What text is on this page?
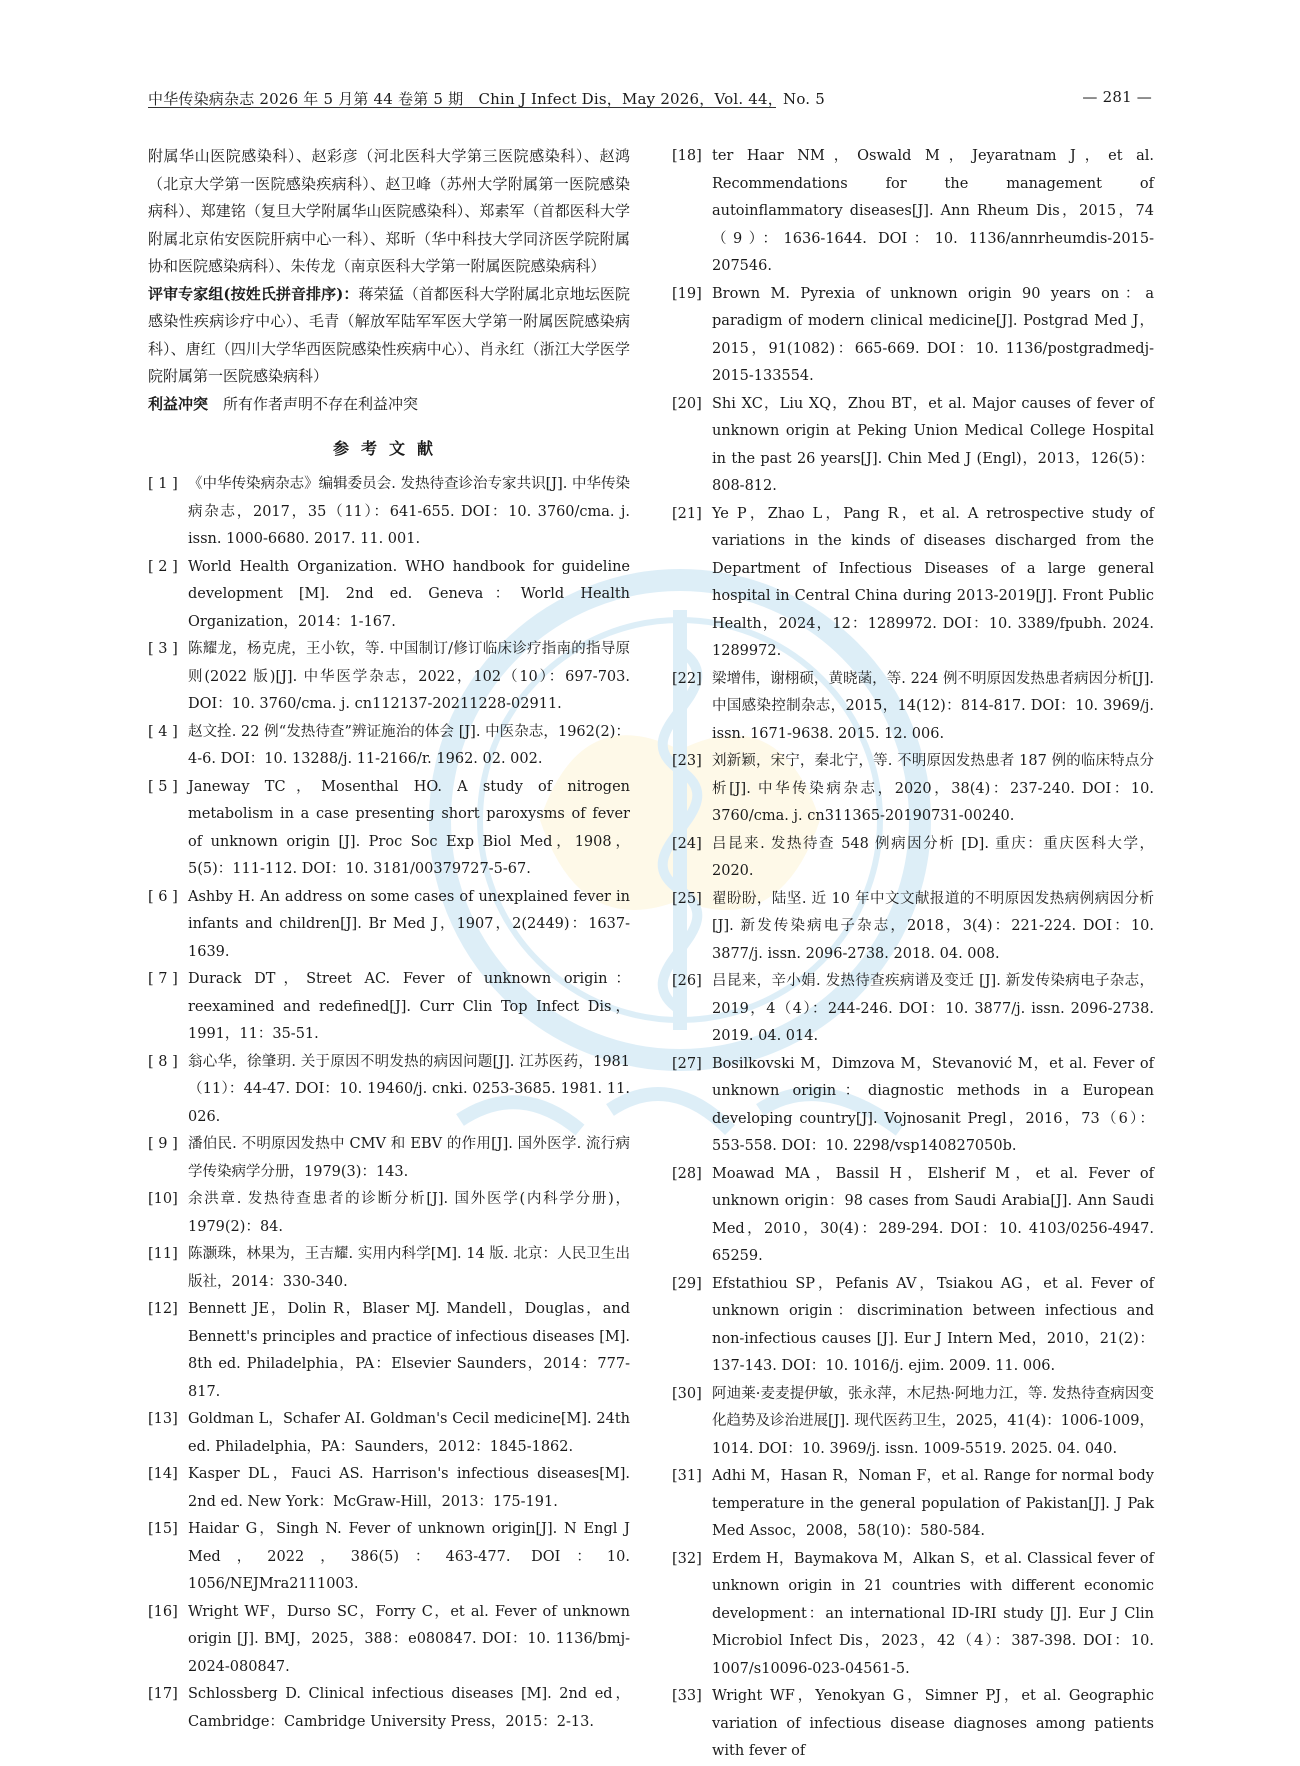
中华传染病杂志 2026 年 5 月第 44 卷第 5 期　Chin J Infect Dis，May 2026，Vol. 44，No. 5	— 281 —

附属华山医院感染科）、赵彩彦（河北医科大学第三医院感染科）、赵鸿（北京大学第一医院感染疾病科）、赵卫峰（苏州大学附属第一医院感染病科）、郑建铭（复旦大学附属华山医院感染科）、郑素军（首都医科大学附属北京佑安医院肝病中心一科）、郑昕（华中科技大学同济医学院附属协和医院感染病科）、朱传龙（南京医科大学第一附属医院感染病科）

评审专家组(按姓氏拼音排序)：蒋荣猛（首都医科大学附属北京地坛医院感染性疾病诊疗中心）、毛青（解放军陆军军医大学第一附属医院感染病科）、唐红（四川大学华西医院感染性疾病中心）、肖永红（浙江大学医学院附属第一医院感染病科）

利益冲突　 所有作者声明不存在利益冲突

参考文献
[ 1 ] 《中华传染病杂志》编辑委员会. 发热待查诊治专家共识[J]. 中华传染病杂志，2017，35（11）：641-655. DOI：10. 3760/cma. j. issn. 1000-6680. 2017. 11. 001.
[ 2 ] World Health Organization. WHO handbook for guideline development [M]. 2nd ed. Geneva：World Health Organization，2014：1-167.
[ 3 ] 陈耀龙，杨克虎，王小钦，等. 中国制订/修订临床诊疗指南的指导原则(2022 版)[J]. 中华医学杂志，2022，102（10）：697-703. DOI：10. 3760/cma. j. cn112137-20211228-02911.
[ 4 ] 赵文拴. 22 例“发热待查”辨证施治的体会 [J]. 中医杂志，1962(2)：4-6. DOI：10. 13288/j. 11-2166/r. 1962. 02. 002.
[ 5 ] Janeway TC，Mosenthal HO. A study of nitrogen metabolism in a case presenting short paroxysms of fever of unknown origin [J]. Proc Soc Exp Biol Med，1908，5(5)：111-112. DOI：10. 3181/00379727-5-67.
[ 6 ] Ashby H. An address on some cases of unexplained fever in infants and children[J]. Br Med J，1907，2(2449)：1637-1639.
[ 7 ] Durack DT，Street AC. Fever of unknown origin：reexamined and redefined[J]. Curr Clin Top Infect Dis，1991，11：35-51.
[ 8 ] 翁心华，徐肇玥. 关于原因不明发热的病因问题[J]. 江苏医药，1981（11）：44-47. DOI：10. 19460/j. cnki. 0253-3685. 1981. 11. 026.
[ 9 ] 潘伯民. 不明原因发热中 CMV 和 EBV 的作用[J]. 国外医学. 流行病学传染病学分册，1979(3)：143.
[10] 余洪章. 发热待查患者的诊断分析[J]. 国外医学(内科学分册)，1979(2)：84.
[11] 陈灏珠，林果为，王吉耀. 实用内科学[M]. 14 版. 北京：人民卫生出版社，2014：330-340.
[12] Bennett JE，Dolin R，Blaser MJ. Mandell，Douglas，and Bennett's principles and practice of infectious diseases [M]. 8th ed. Philadelphia，PA：Elsevier Saunders，2014：777-817.
[13] Goldman L，Schafer AI. Goldman's Cecil medicine[M]. 24th ed. Philadelphia，PA：Saunders，2012：1845-1862.
[14] Kasper DL，Fauci AS. Harrison's infectious diseases[M]. 2nd ed. New York：McGraw-Hill，2013：175-191.
[15] Haidar G，Singh N. Fever of unknown origin[J]. N Engl J Med，2022，386(5)：463-477. DOI：10. 1056/NEJMra2111003.
[16] Wright WF，Durso SC，Forry C，et al. Fever of unknown origin [J]. BMJ，2025，388：e080847. DOI：10. 1136/bmj-2024-080847.
[17] Schlossberg D. Clinical infectious diseases [M]. 2nd ed，Cambridge：Cambridge University Press，2015：2-13.
[18] ter Haar NM，Oswald M，Jeyaratnam J，et al. Recommendations for the management of autoinflammatory diseases[J]. Ann Rheum Dis，2015，74（9）：1636-1644. DOI：10. 1136/annrheumdis-2015-207546.
[19] Brown M. Pyrexia of unknown origin 90 years on：a paradigm of modern clinical medicine[J]. Postgrad Med J，2015，91(1082)：665-669. DOI：10. 1136/postgradmedj-2015-133554.
[20] Shi XC，Liu XQ，Zhou BT，et al. Major causes of fever of unknown origin at Peking Union Medical College Hospital in the past 26 years[J]. Chin Med J (Engl)，2013，126(5)：808-812.
[21] Ye P，Zhao L，Pang R，et al. A retrospective study of variations in the kinds of diseases discharged from the Department of Infectious Diseases of a large general hospital in Central China during 2013-2019[J]. Front Public Health，2024，12：1289972. DOI：10. 3389/fpubh. 2024. 1289972.
[22] 梁增伟，谢栩硕，黄晓菡，等. 224 例不明原因发热患者病因分析[J]. 中国感染控制杂志，2015，14(12)：814-817. DOI：10. 3969/j. issn. 1671-9638. 2015. 12. 006.
[23] 刘新颖，宋宁，秦北宁，等. 不明原因发热患者 187 例的临床特点分析[J]. 中华传染病杂志，2020，38(4)：237-240. DOI：10. 3760/cma. j. cn311365-20190731-00240.
[24] 吕昆来. 发热待查 548 例病因分析 [D]. 重庆：重庆医科大学，2020.
[25] 翟盼盼，陆坚. 近 10 年中文文献报道的不明原因发热病例病因分析 [J]. 新发传染病电子杂志，2018，3(4)：221-224. DOI：10. 3877/j. issn. 2096-2738. 2018. 04. 008.
[26] 吕昆来，辛小娟. 发热待查疾病谱及变迁 [J]. 新发传染病电子杂志，2019，4（4）：244-246. DOI：10. 3877/j. issn. 2096-2738. 2019. 04. 014.
[27] Bosilkovski M，Dimzova M，Stevanović M，et al. Fever of unknown origin：diagnostic methods in a European developing country[J]. Vojnosanit Pregl，2016，73（6）：553-558. DOI：10. 2298/vsp140827050b.
[28] Moawad MA，Bassil H，Elsherif M，et al. Fever of unknown origin：98 cases from Saudi Arabia[J]. Ann Saudi Med，2010，30(4)：289-294. DOI：10. 4103/0256-4947. 65259.
[29] Efstathiou SP，Pefanis AV，Tsiakou AG，et al. Fever of unknown origin：discrimination between infectious and non-infectious causes [J]. Eur J Intern Med，2010，21(2)：137-143. DOI：10. 1016/j. ejim. 2009. 11. 006.
[30] 阿迪莱·麦麦提伊敏，张永萍，木尼热·阿地力江，等. 发热待查病因变化趋势及诊治进展[J]. 现代医药卫生，2025，41(4)：1006-1009，1014. DOI：10. 3969/j. issn. 1009-5519. 2025. 04. 040.
[31] Adhi M，Hasan R，Noman F，et al. Range for normal body temperature in the general population of Pakistan[J]. J Pak Med Assoc，2008，58(10)：580-584.
[32] Erdem H，Baymakova M，Alkan S，et al. Classical fever of unknown origin in 21 countries with different economic development：an international ID-IRI study [J]. Eur J Clin Microbiol Infect Dis，2023，42（4）：387-398. DOI：10. 1007/s10096-023-04561-5.
[33] Wright WF，Yenokyan G，Simner PJ，et al. Geographic variation of infectious disease diagnoses among patients with fever of
